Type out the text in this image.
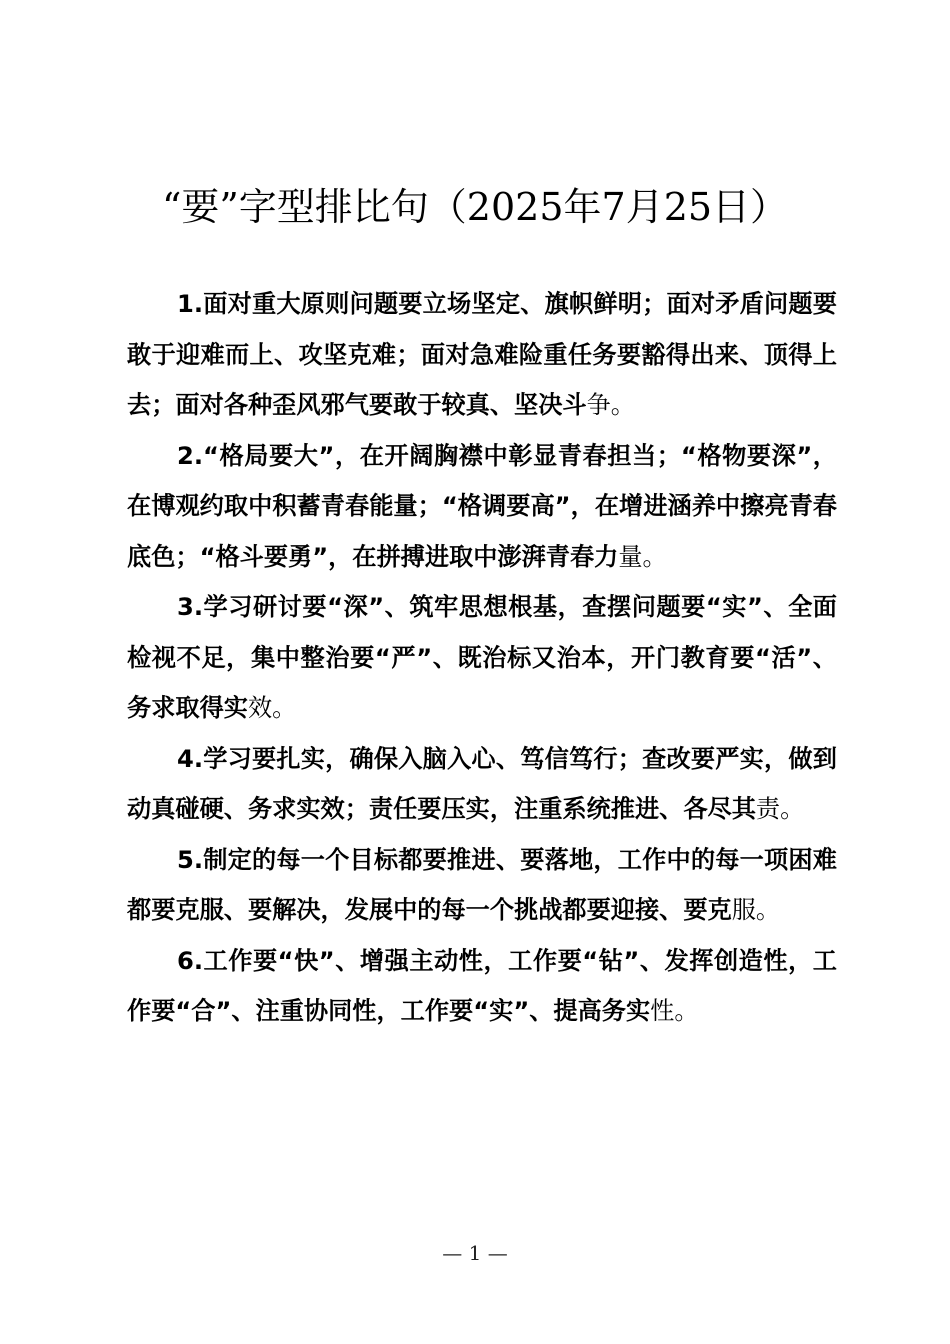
“要”字型排比句（2025年7月25日）

1.面对重大原则问题要立场坚定、旗帜鲜明；面对矛盾问题要敢于迎难而上、攻坚克难；面对急难险重任务要豁得出来、顶得上去；面对各种歪风邪气要敢于较真、坚决斗争。

2.“格局要大”，在开阔胸襟中彰显青春担当；“格物要深”，在博观约取中积蓄青春能量；“格调要高”，在增进涵养中擦亮青春底色；“格斗要勇”，在拼搏进取中澎湃青春力量。

3.学习研讨要“深”、筑牢思想根基，查摆问题要“实”、全面检视不足，集中整治要“严”、既治标又治本，开门教育要“活”、务求取得实效。

4.学习要扎实，确保入脑入心、笃信笃行；查改要严实，做到动真碰硬、务求实效；责任要压实，注重系统推进、各尽其责。

5.制定的每一个目标都要推进、要落地，工作中的每一项困难都要克服、要解决，发展中的每一个挑战都要迎接、要克服。

6.工作要“快”、增强主动性，工作要“钻”、发挥创造性，工作要“合”、注重协同性，工作要“实”、提高务实性。

— 1 —
